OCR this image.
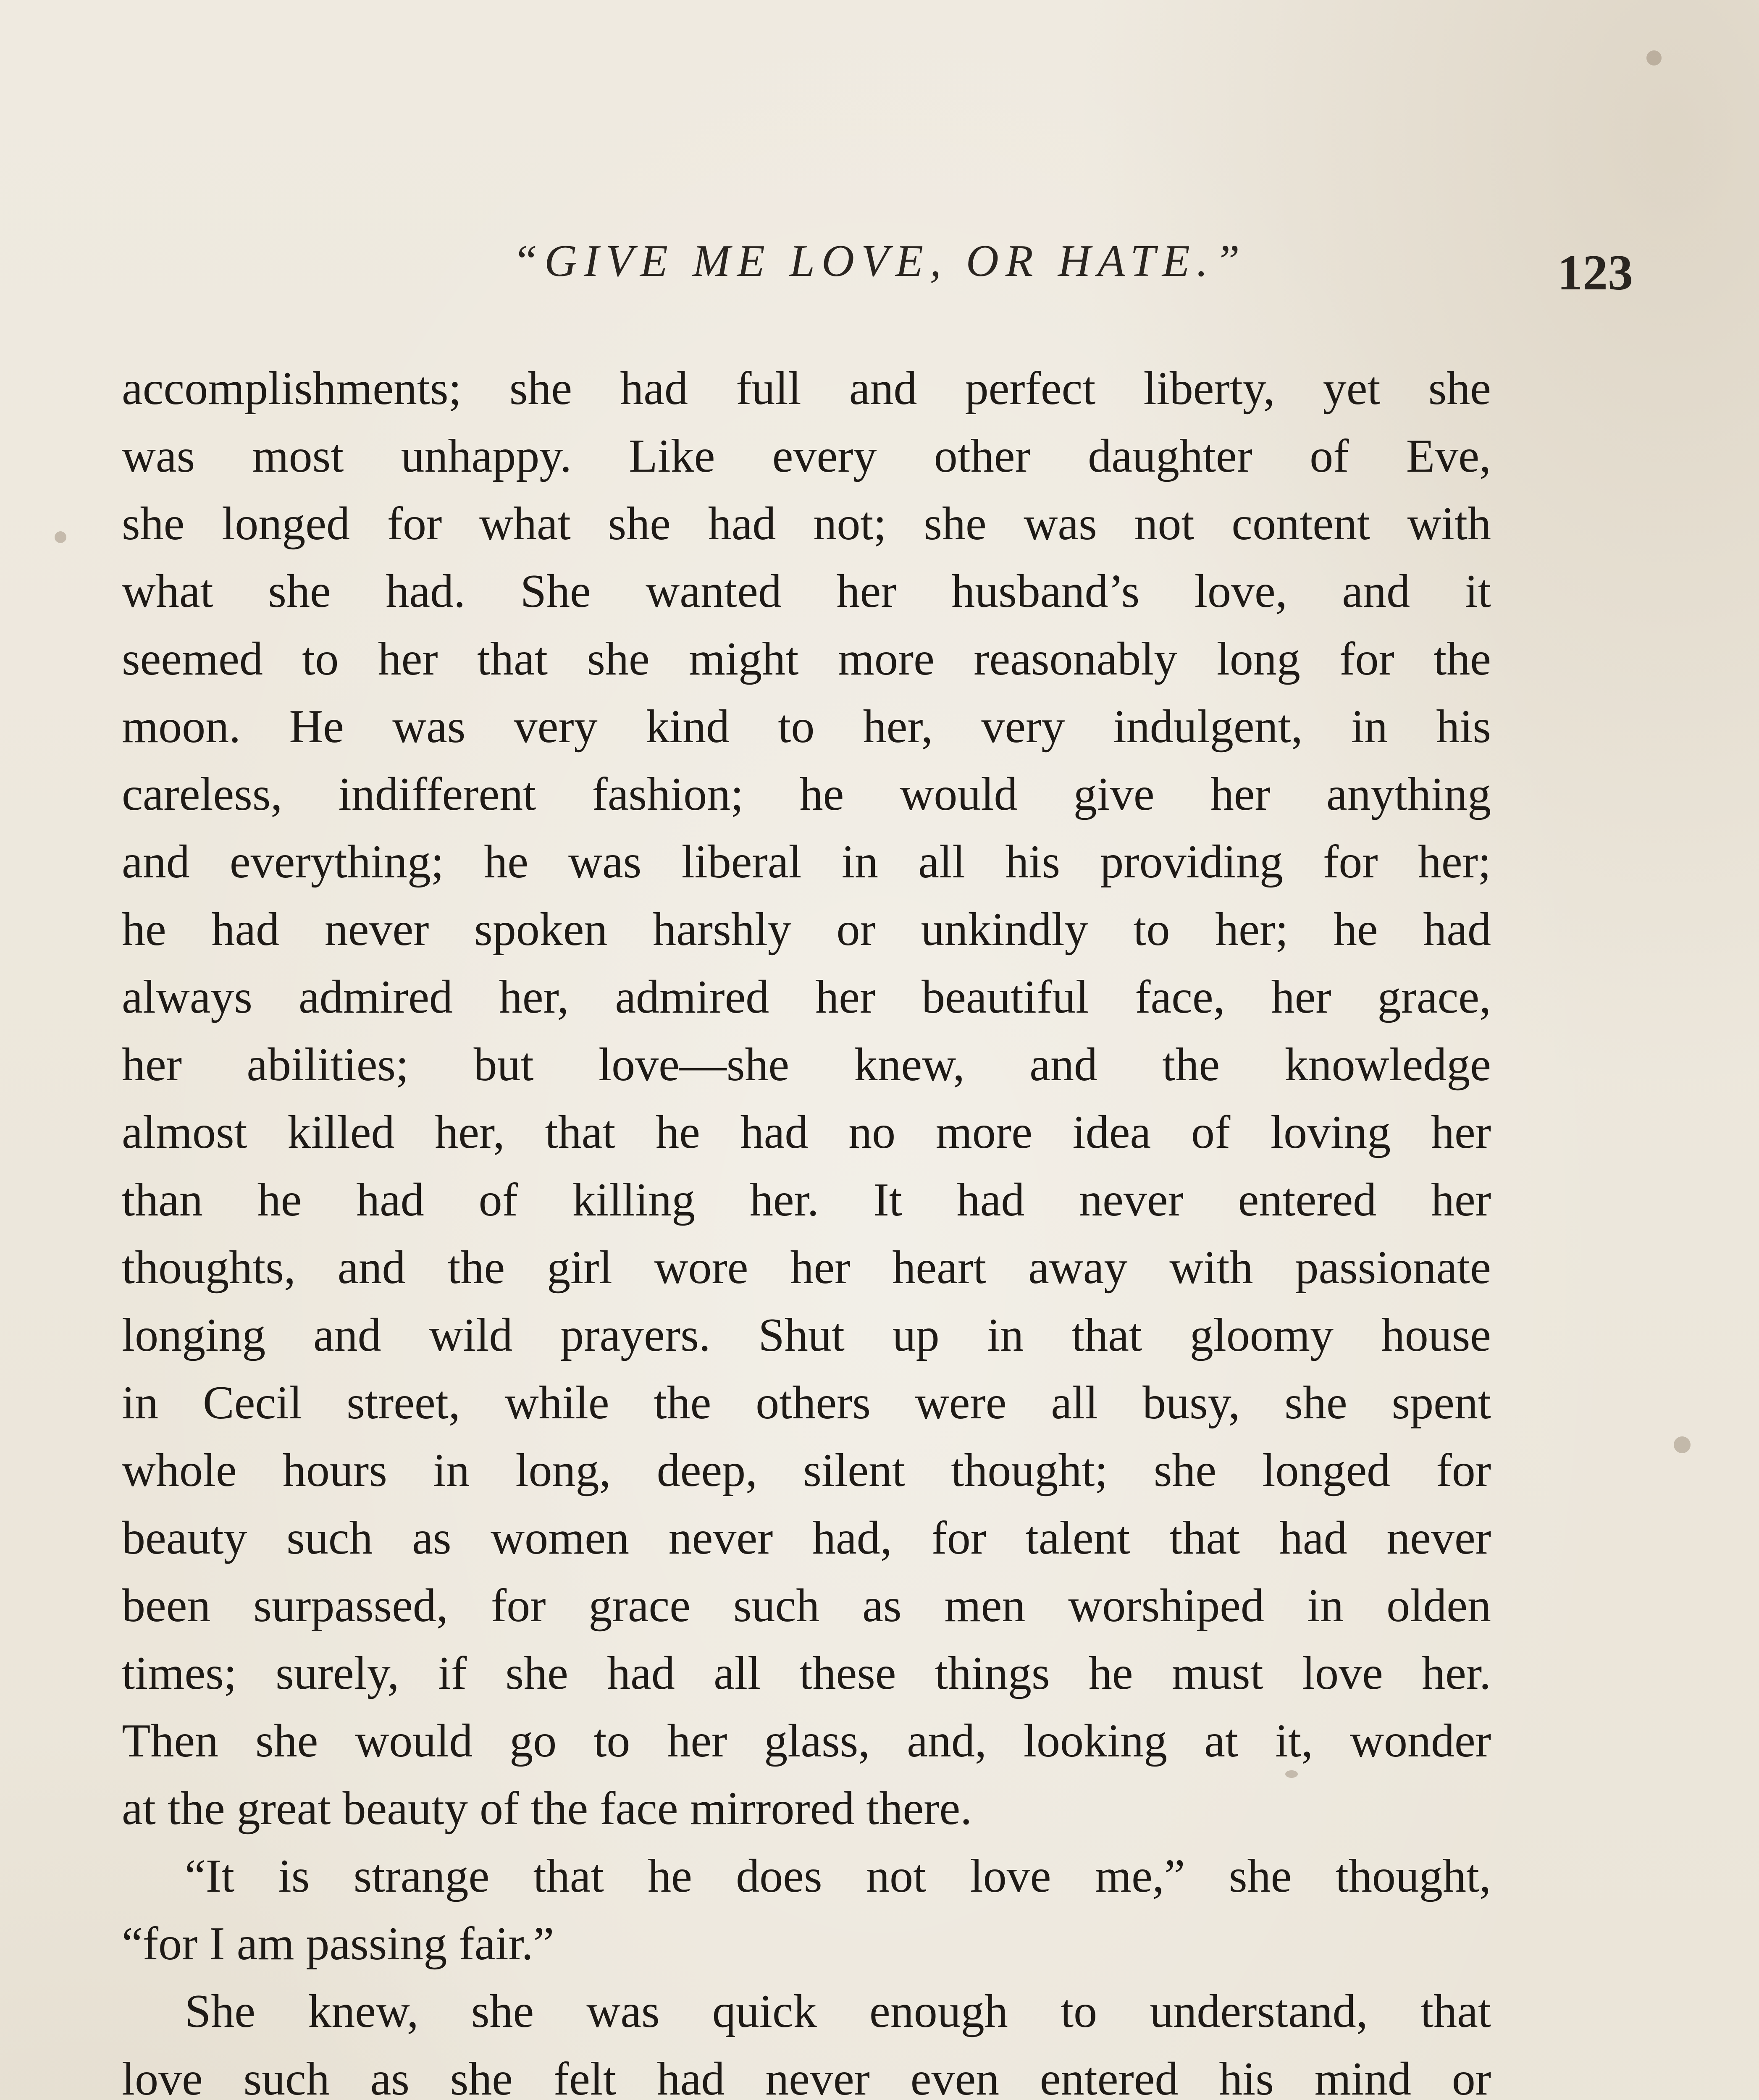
“GIVE ME LOVE, OR HATE.”	123
accomplishments; she had full and perfect liberty, yet she
was most unhappy. Like every other daughter of Eve,
she longed for what she had not; she was not content with
what she had. She wanted her husband’s love, and it
seemed to her that she might more reasonably long for the
moon. He was very kind to her, very indulgent, in his
careless, indifferent fashion; he would give her anything
and everything; he was liberal in all his providing for her;
he had never spoken harshly or unkindly to her; he had
always admired her, admired her beautiful face, her grace,
her abilities; but love—she knew, and the knowledge
almost killed her, that he had no more idea of loving her
than he had of killing her. It had never entered her
thoughts, and the girl wore her heart away with passionate
longing and wild prayers. Shut up in that gloomy house
in Cecil street, while the others were all busy, she spent
whole hours in long, deep, silent thought; she longed for
beauty such as women never had, for talent that had never
been surpassed, for grace such as men worshiped in olden
times; surely, if she had all these things he must love her.
Then she would go to her glass, and, looking at it, wonder
at the great beauty of the face mirrored there.
“It is strange that he does not love me,” she thought,
“for I am passing fair.”
She knew, she was quick enough to understand, that
love such as she felt had never even entered his mind or
